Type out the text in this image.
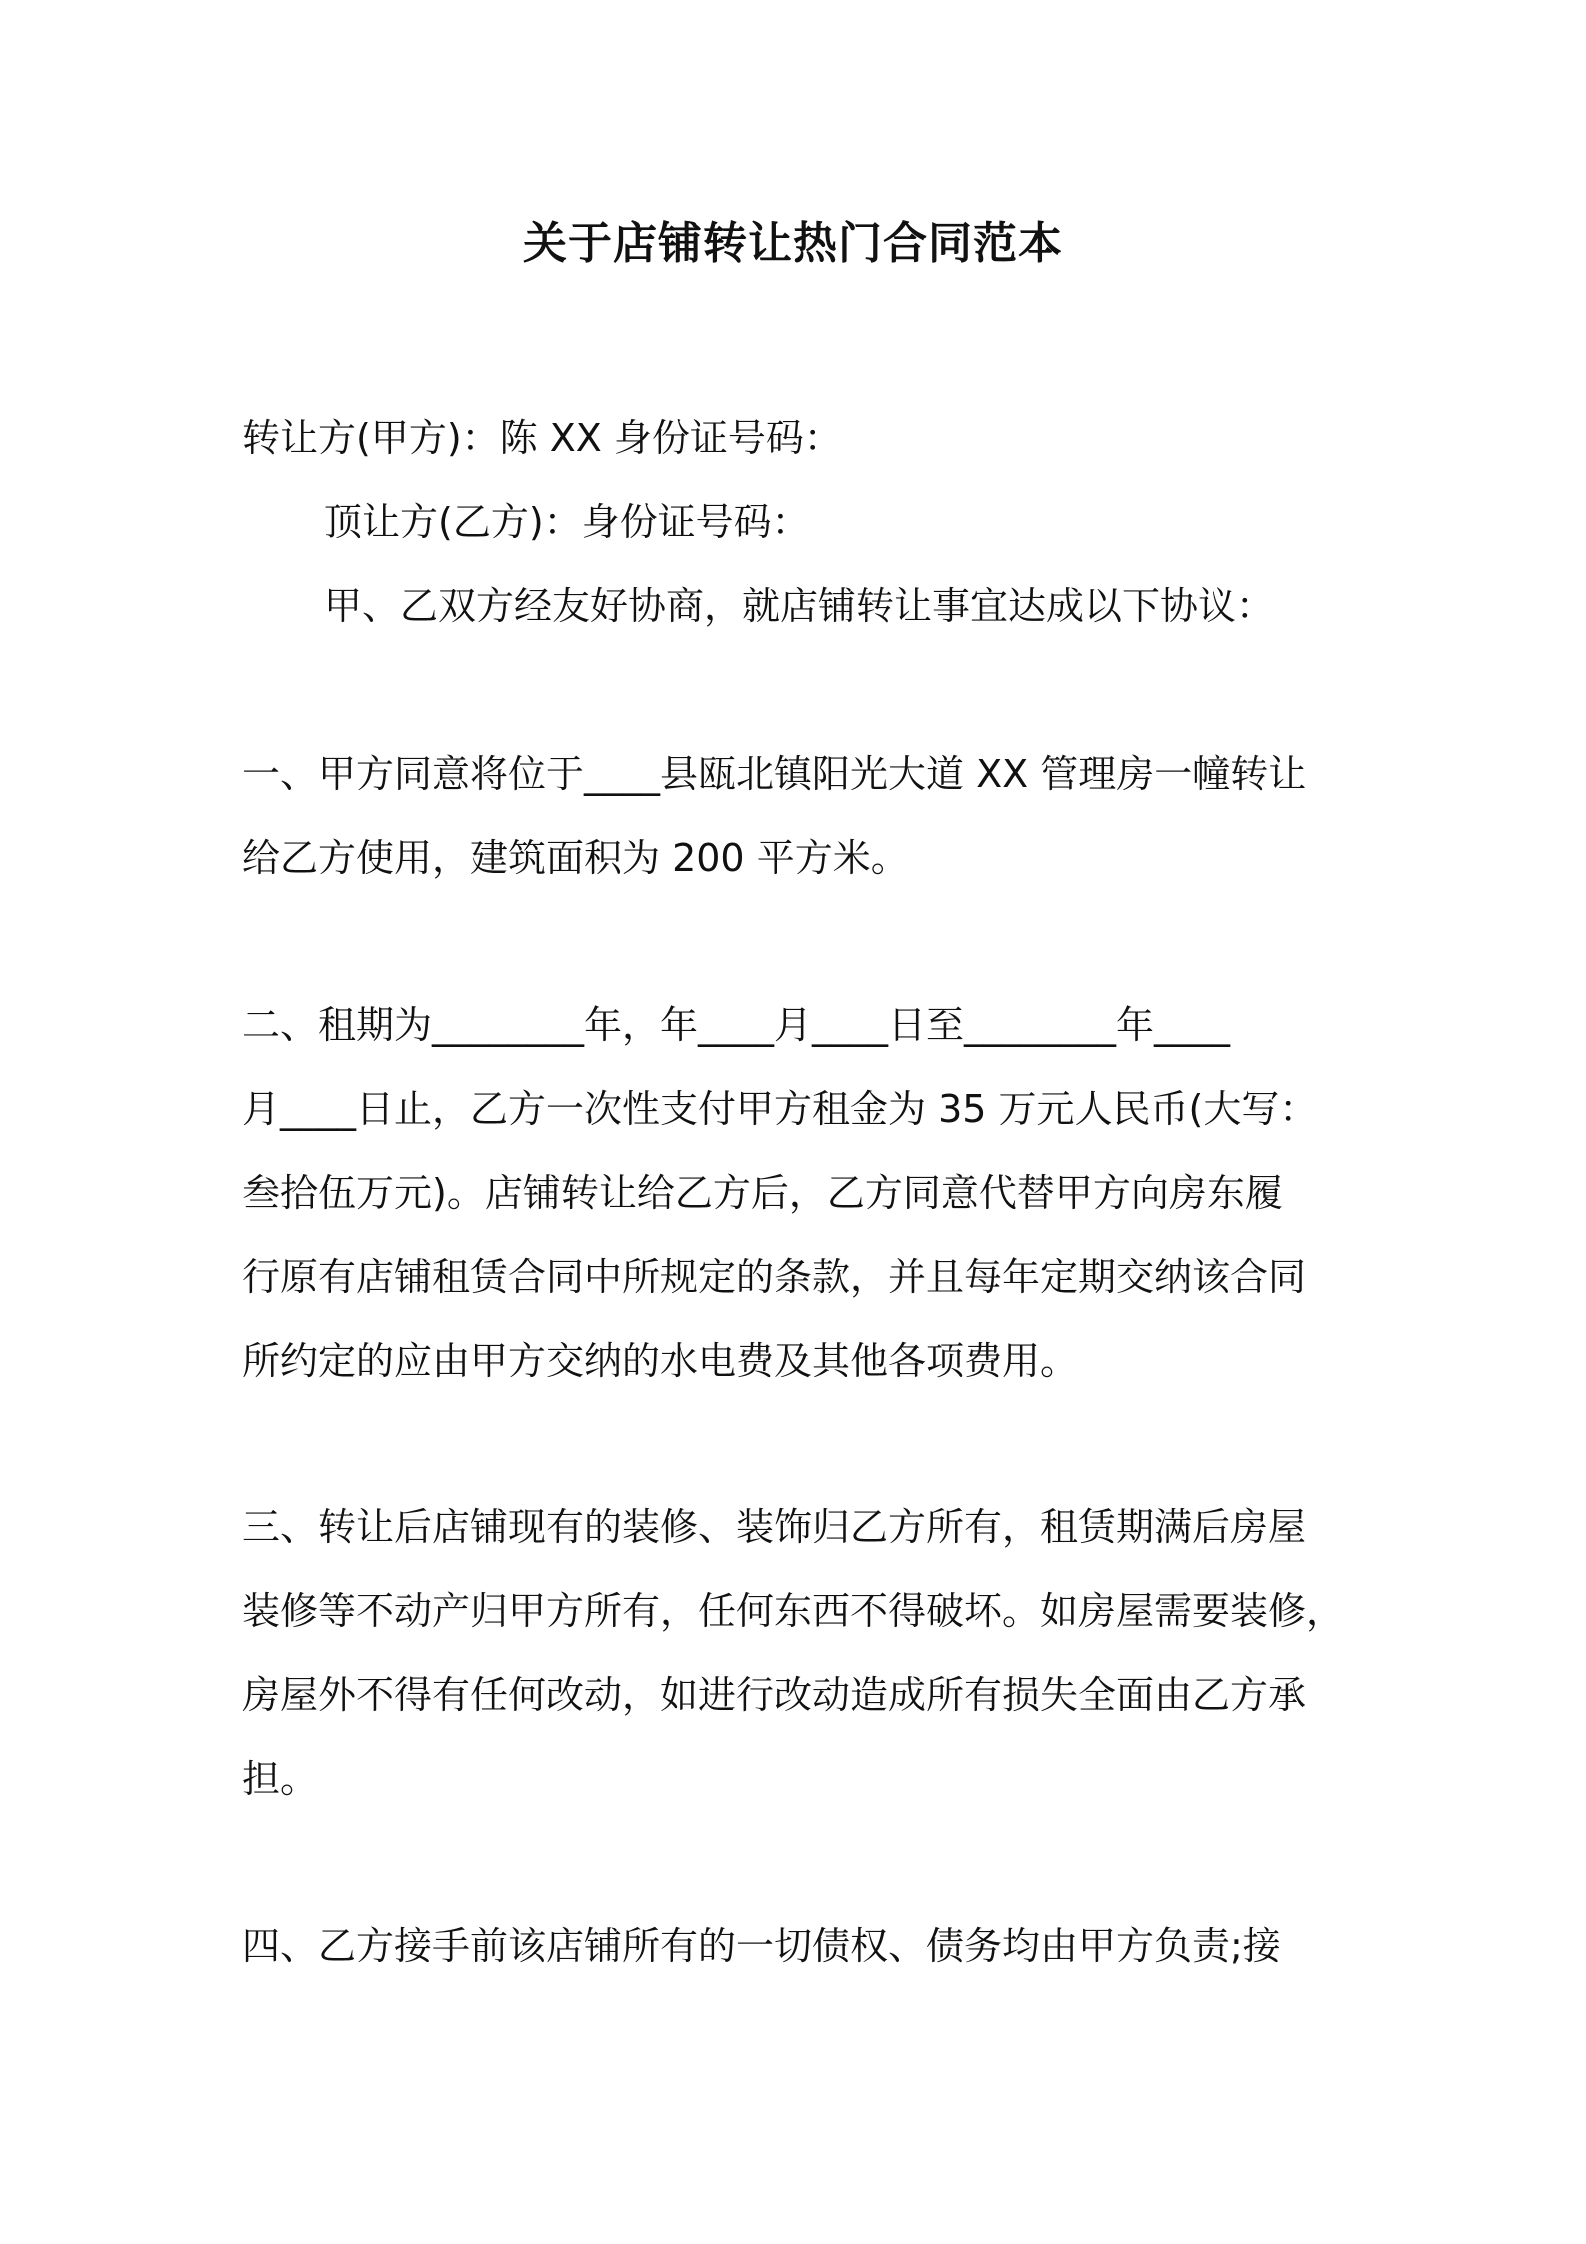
关于店铺转让热门合同范本
转让方(甲方)：陈 XX 身份证号码：
顶让方(乙方)：身份证号码：
甲、乙双方经友好协商，就店铺转让事宜达成以下协议：
一、甲方同意将位于____县瓯北镇阳光大道 XX 管理房一幢转让
给乙方使用，建筑面积为 200 平方米。
二、租期为________年，年____月____日至________年____
月____日止，乙方一次性支付甲方租金为 35 万元人民币(大写：
叁拾伍万元)。店铺转让给乙方后，乙方同意代替甲方向房东履
行原有店铺租赁合同中所规定的条款，并且每年定期交纳该合同
所约定的应由甲方交纳的水电费及其他各项费用。
三、转让后店铺现有的装修、装饰归乙方所有，租赁期满后房屋
装修等不动产归甲方所有，任何东西不得破坏。如房屋需要装修，
房屋外不得有任何改动，如进行改动造成所有损失全面由乙方承
担。
四、乙方接手前该店铺所有的一切债权、债务均由甲方负责;接
